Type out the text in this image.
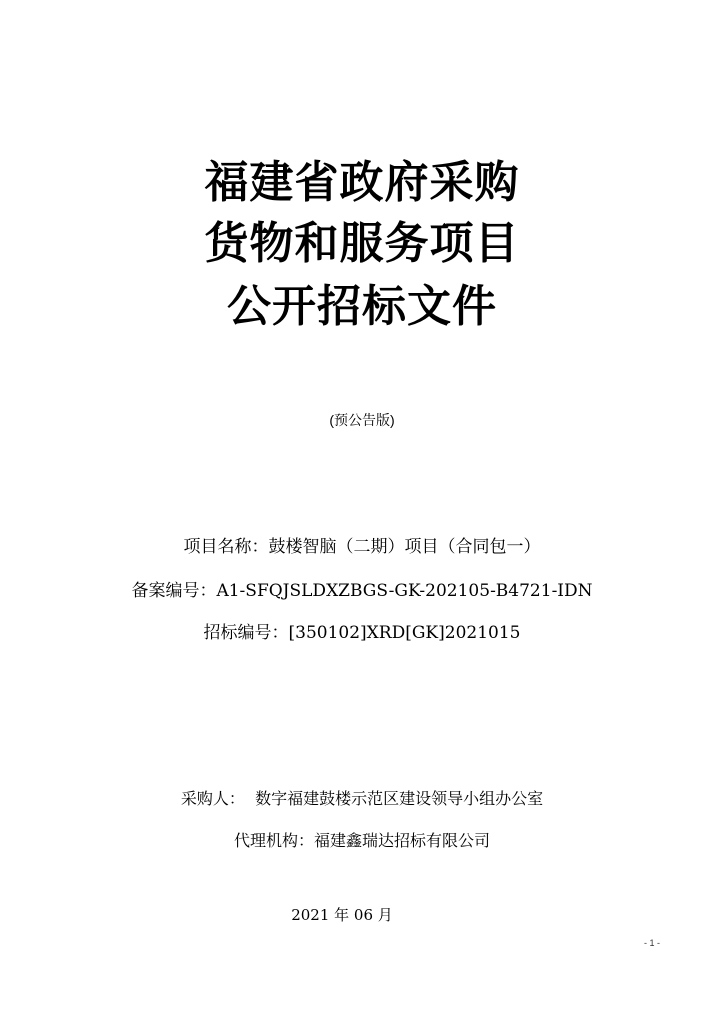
福建省政府采购
货物和服务项目
公开招标文件
(预公告版)
项目名称：鼓楼智脑（二期）项目（合同包一）
备案编号：A1-SFQJSLDXZBGS-GK-202105-B4721-IDN
招标编号：[350102]XRD[GK]2021015
采购人： 数字福建鼓楼示范区建设领导小组办公室
代理机构：福建鑫瑞达招标有限公司
2021 年 06 月
- 1 -
